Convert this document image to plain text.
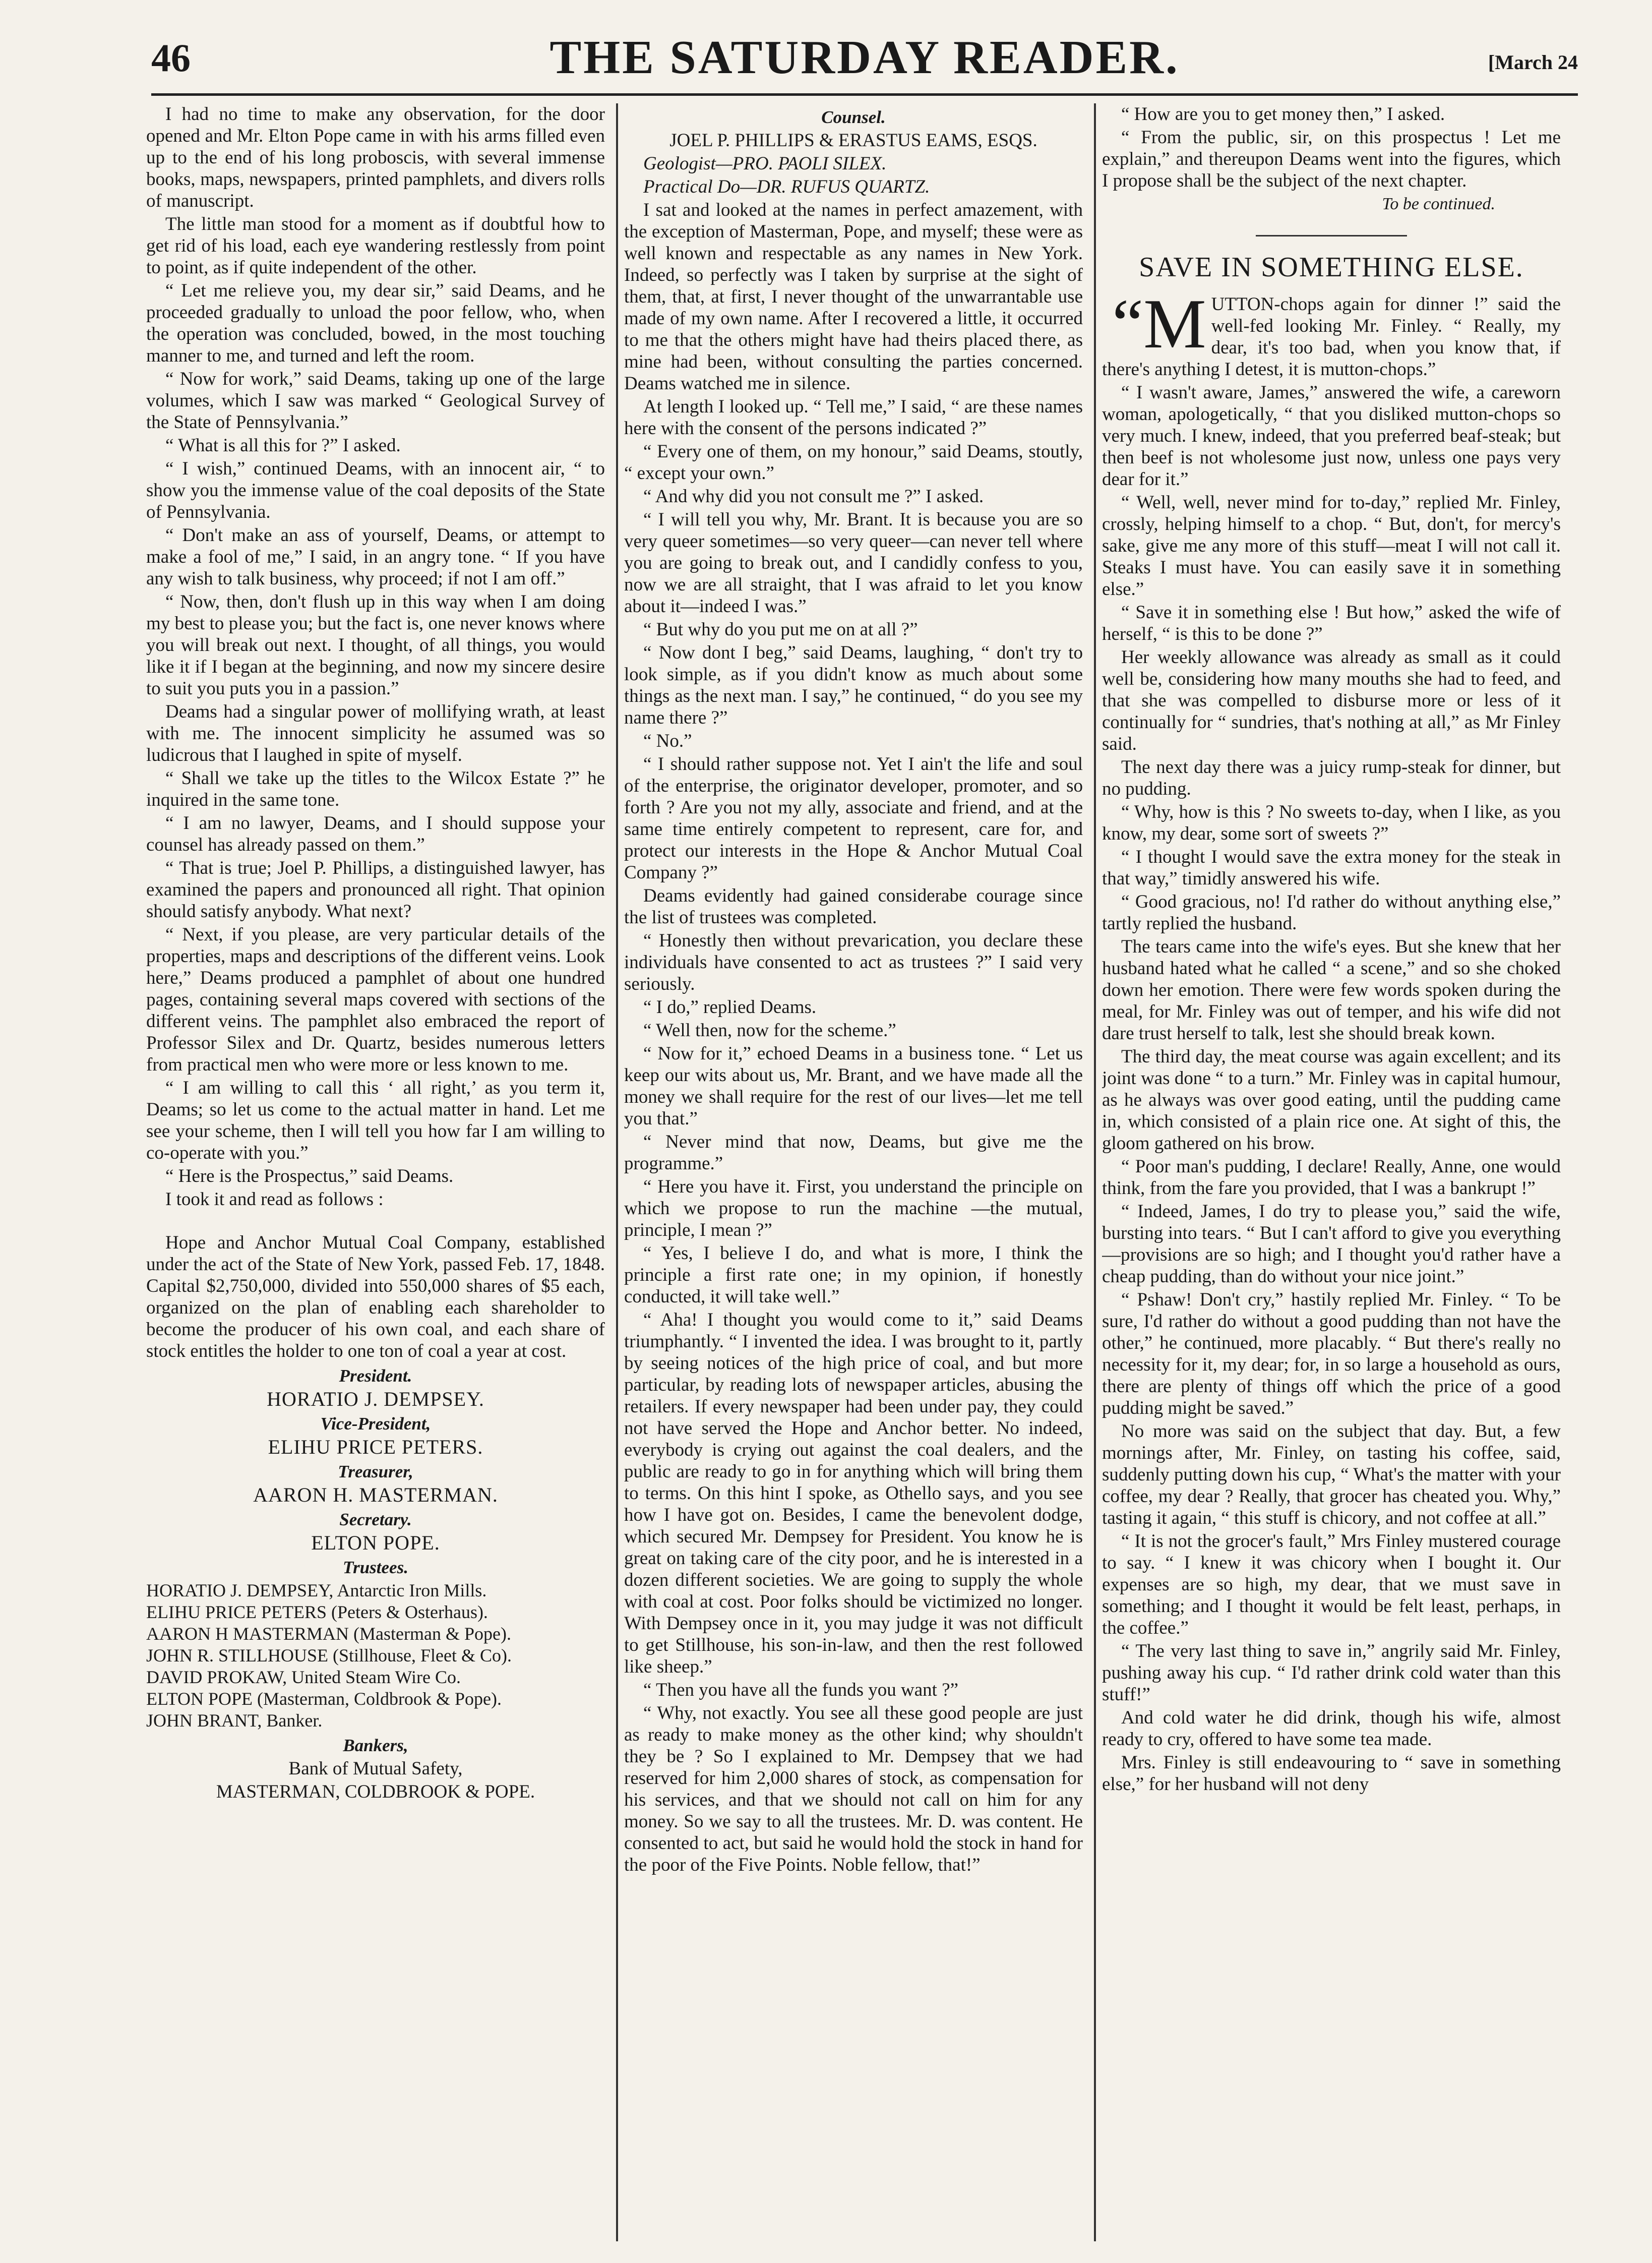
46	THE SATURDAY READER.	[March 24

I had no time to make any observation, for the door opened and Mr. Elton Pope came in with his arms filled even up to the end of his long proboscis, with several immense books, maps, newspapers, printed pamphlets, and divers rolls of manuscript.

The little man stood for a moment as if doubtful how to get rid of his load, each eye wandering restlessly from point to point, as if quite independent of the other.

“ Let me relieve you, my dear sir,” said Deams, and he proceeded gradually to unload the poor fellow, who, when the operation was concluded, bowed, in the most touching manner to me, and turned and left the room.

“ Now for work,” said Deams, taking up one of the large volumes, which I saw was marked “ Geological Survey of the State of Pennsylvania.”

“ What is all this for ?” I asked.

“ I wish,” continued Deams, with an innocent air, “ to show you the immense value of the coal deposits of the State of Pennsylvania.

“ Don't make an ass of yourself, Deams, or attempt to make a fool of me,” I said, in an angry tone. “ If you have any wish to talk business, why proceed; if not I am off.”

“ Now, then, don't flush up in this way when I am doing my best to please you; but the fact is, one never knows where you will break out next. I thought, of all things, you would like it if I began at the beginning, and now my sincere desire to suit you puts you in a passion.”

Deams had a singular power of mollifying wrath, at least with me. The innocent simplicity he assumed was so ludicrous that I laughed in spite of myself.

“ Shall we take up the titles to the Wilcox Estate ?” he inquired in the same tone.

“ I am no lawyer, Deams, and I should suppose your counsel has already passed on them.”

“ That is true; Joel P. Phillips, a distinguished lawyer, has examined the papers and pronounced all right. That opinion should satisfy anybody. What next?

“ Next, if you please, are very particular details of the properties, maps and descriptions of the different veins. Look here,” Deams produced a pamphlet of about one hundred pages, containing several maps covered with sections of the different veins. The pamphlet also embraced the report of Professor Silex and Dr. Quartz, besides numerous letters from practical men who were more or less known to me.

“ I am willing to call this ‘ all right,’ as you term it, Deams; so let us come to the actual matter in hand. Let me see your scheme, then I will tell you how far I am willing to co-operate with you.”

“ Here is the Prospectus,” said Deams.

I took it and read as follows :

Hope and Anchor Mutual Coal Company, established under the act of the State of New York, passed Feb. 17, 1848. Capital $2,750,000, divided into 550,000 shares of $5 each, organized on the plan of enabling each shareholder to become the producer of his own coal, and each share of stock entitles the holder to one ton of coal a year at cost.

President.

HORATIO J. DEMPSEY.

Vice-President,

ELIHU PRICE PETERS.

Treasurer,

AARON H. MASTERMAN.

Secretary.

ELTON POPE.

Trustees.

HORATIO J. DEMPSEY, Antarctic Iron Mills.

ELIHU PRICE PETERS (Peters & Osterhaus).

AARON H MASTERMAN (Masterman & Pope).

JOHN R. STILLHOUSE (Stillhouse, Fleet & Co).

DAVID PROKAW, United Steam Wire Co.

ELTON POPE (Masterman, Coldbrook & Pope).

JOHN BRANT, Banker.

Bankers,

Bank of Mutual Safety,

MASTERMAN, COLDBROOK & POPE.

Counsel.

JOEL P. PHILLIPS & ERASTUS EAMS, ESQS.

Geologist—PRO. PAOLI SILEX.

Practical Do—DR. RUFUS QUARTZ.

I sat and looked at the names in perfect amazement, with the exception of Masterman, Pope, and myself; these were as well known and respectable as any names in New York. Indeed, so perfectly was I taken by surprise at the sight of them, that, at first, I never thought of the unwarrantable use made of my own name. After I recovered a little, it occurred to me that the others might have had theirs placed there, as mine had been, without consulting the parties concerned. Deams watched me in silence.

At length I looked up. “ Tell me,” I said, “ are these names here with the consent of the persons indicated ?”

“ Every one of them, on my honour,” said Deams, stoutly, “ except your own.”

“ And why did you not consult me ?” I asked.

“ I will tell you why, Mr. Brant. It is because you are so very queer sometimes—so very queer—can never tell where you are going to break out, and I candidly confess to you, now we are all straight, that I was afraid to let you know about it—indeed I was.”

“ But why do you put me on at all ?”

“ Now dont I beg,” said Deams, laughing, “ don't try to look simple, as if you didn't know as much about some things as the next man. I say,” he continued, “ do you see my name there ?”

“ No.”

“ I should rather suppose not. Yet I ain't the life and soul of the enterprise, the originator developer, promoter, and so forth ? Are you not my ally, associate and friend, and at the same time entirely competent to represent, care for, and protect our interests in the Hope & Anchor Mutual Coal Company ?”

Deams evidently had gained considerabe courage since the list of trustees was completed.

“ Honestly then without prevarication, you declare these individuals have consented to act as trustees ?” I said very seriously.

“ I do,” replied Deams.

“ Well then, now for the scheme.”

“ Now for it,” echoed Deams in a business tone. “ Let us keep our wits about us, Mr. Brant, and we have made all the money we shall require for the rest of our lives—let me tell you that.”

“ Never mind that now, Deams, but give me the programme.”

“ Here you have it. First, you understand the principle on which we propose to run the machine —the mutual, principle, I mean ?”

“ Yes, I believe I do, and what is more, I think the principle a first rate one; in my opinion, if honestly conducted, it will take well.”

“ Aha! I thought you would come to it,” said Deams triumphantly. “ I invented the idea. I was brought to it, partly by seeing notices of the high price of coal, and but more particular, by reading lots of newspaper articles, abusing the retailers. If every newspaper had been under pay, they could not have served the Hope and Anchor better. No indeed, everybody is crying out against the coal dealers, and the public are ready to go in for anything which will bring them to terms. On this hint I spoke, as Othello says, and you see how I have got on. Besides, I came the benevolent dodge, which secured Mr. Dempsey for President. You know he is great on taking care of the city poor, and he is interested in a dozen different societies. We are going to supply the whole with coal at cost. Poor folks should be victimized no longer. With Dempsey once in it, you may judge it was not difficult to get Stillhouse, his son-in-law, and then the rest followed like sheep.”

“ Then you have all the funds you want ?”

“ Why, not exactly. You see all these good people are just as ready to make money as the other kind; why shouldn't they be ? So I explained to Mr. Dempsey that we had reserved for him 2,000 shares of stock, as compensation for his services, and that we should not call on him for any money. So we say to all the trustees. Mr. D. was content. He consented to act, but said he would hold the stock in hand for the poor of the Five Points. Noble fellow, that!”

“ How are you to get money then,” I asked.

“ From the public, sir, on this prospectus ! Let me explain,” and thereupon Deams went into the figures, which I propose shall be the subject of the next chapter.

To be continued.

SAVE IN SOMETHING ELSE.

“M UTTON-chops again for dinner !” said the well-fed looking Mr. Finley. “ Really, my dear, it's too bad, when you know that, if there's anything I detest, it is mutton-chops.”

“ I wasn't aware, James,” answered the wife, a careworn woman, apologetically, “ that you disliked mutton-chops so very much. I knew, indeed, that you preferred beaf-steak; but then beef is not wholesome just now, unless one pays very dear for it.”

“ Well, well, never mind for to-day,” replied Mr. Finley, crossly, helping himself to a chop. “ But, don't, for mercy's sake, give me any more of this stuff—meat I will not call it. Steaks I must have. You can easily save it in something else.”

“ Save it in something else ! But how,” asked the wife of herself, “ is this to be done ?”

Her weekly allowance was already as small as it could well be, considering how many mouths she had to feed, and that she was compelled to disburse more or less of it continually for “ sundries, that's nothing at all,” as Mr Finley said.

The next day there was a juicy rump-steak for dinner, but no pudding.

“ Why, how is this ? No sweets to-day, when I like, as you know, my dear, some sort of sweets ?”

“ I thought I would save the extra money for the steak in that way,” timidly answered his wife.

“ Good gracious, no! I'd rather do without anything else,” tartly replied the husband.

The tears came into the wife's eyes. But she knew that her husband hated what he called “ a scene,” and so she choked down her emotion. There were few words spoken during the meal, for Mr. Finley was out of temper, and his wife did not dare trust herself to talk, lest she should break kown.

The third day, the meat course was again excellent; and its joint was done “ to a turn.” Mr. Finley was in capital humour, as he always was over good eating, until the pudding came in, which consisted of a plain rice one. At sight of this, the gloom gathered on his brow.

“ Poor man's pudding, I declare! Really, Anne, one would think, from the fare you provided, that I was a bankrupt !”

“ Indeed, James, I do try to please you,” said the wife, bursting into tears. “ But I can't afford to give you everything—provisions are so high; and I thought you'd rather have a cheap pudding, than do without your nice joint.”

“ Pshaw! Don't cry,” hastily replied Mr. Finley. “ To be sure, I'd rather do without a good pudding than not have the other,” he continued, more placably. “ But there's really no necessity for it, my dear; for, in so large a household as ours, there are plenty of things off which the price of a good pudding might be saved.”

No more was said on the subject that day. But, a few mornings after, Mr. Finley, on tasting his coffee, said, suddenly putting down his cup, “ What's the matter with your coffee, my dear ? Really, that grocer has cheated you. Why,” tasting it again, “ this stuff is chicory, and not coffee at all.”

“ It is not the grocer's fault,” Mrs Finley mustered courage to say. “ I knew it was chicory when I bought it. Our expenses are so high, my dear, that we must save in something; and I thought it would be felt least, perhaps, in the coffee.”

“ The very last thing to save in,” angrily said Mr. Finley, pushing away his cup. “ I'd rather drink cold water than this stuff!”

And cold water he did drink, though his wife, almost ready to cry, offered to have some tea made.

Mrs. Finley is still endeavouring to “ save in something else,” for her husband will not deny
